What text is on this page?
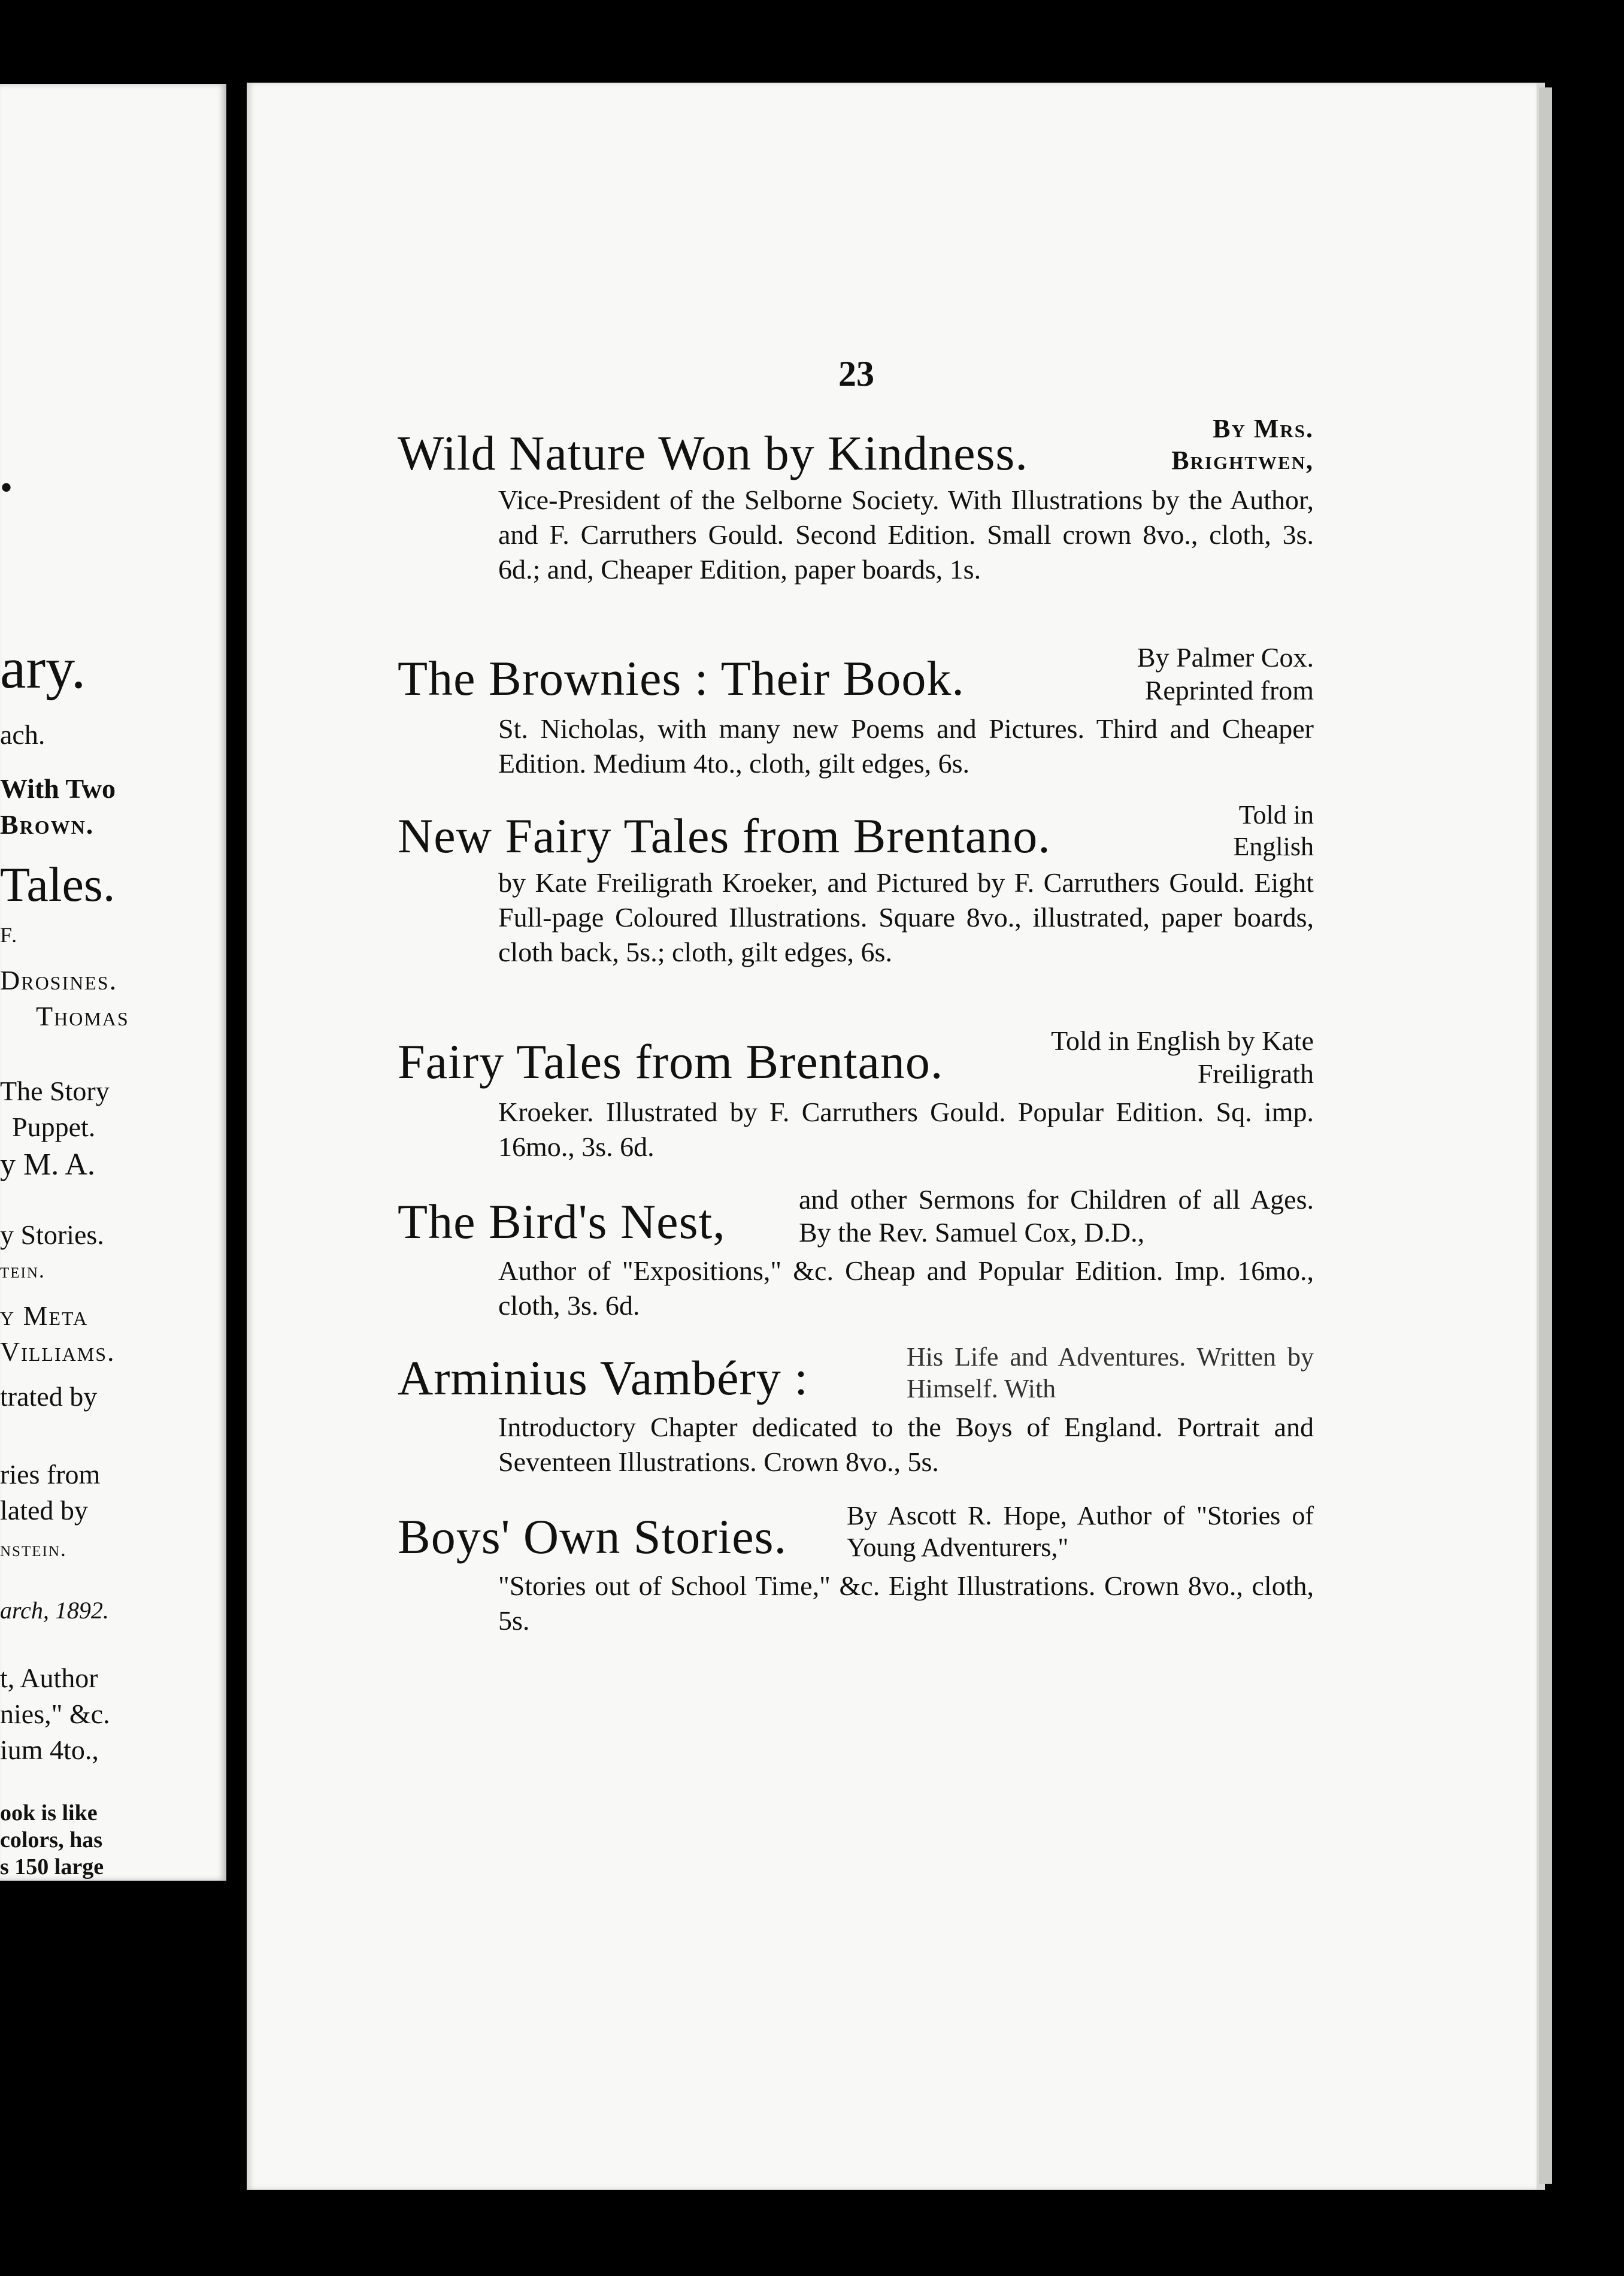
•
ary.
ach.
With Two
Brown.
Tales.
F.
Drosines.
Thomas
The Story
Puppet.
y M. A.
y Stories.
tein.
y Meta
Villiams.
trated by
ries from
lated by
nstein.
arch, 1892.
t, Author
nies," &c.
ium 4to.,
ook is like
colors, has
s 150 large
23
Wild Nature Won by Kindness.	By Mrs. Brightwen,
Vice-President of the Selborne Society. With Illustrations by the Author, and F. Carruthers Gould. Second Edition. Small crown 8vo., cloth, 3s. 6d.; and, Cheaper Edition, paper boards, 1s.
The Brownies : Their Book.	By Palmer Cox. Reprinted from
St. Nicholas, with many new Poems and Pictures. Third and Cheaper Edition. Medium 4to., cloth, gilt edges, 6s.
New Fairy Tales from Brentano.	Told in English
by Kate Freiligrath Kroeker, and Pictured by F. Carruthers Gould. Eight Full-page Coloured Illustrations. Square 8vo., illustrated, paper boards, cloth back, 5s.; cloth, gilt edges, 6s.
Fairy Tales from Brentano.	Told in English by Kate Freiligrath
Kroeker. Illustrated by F. Carruthers Gould. Popular Edition. Sq. imp. 16mo., 3s. 6d.
The Bird's Nest,	and other Sermons for Children of all Ages. By the Rev. Samuel Cox, D.D.,
Author of "Expositions," &c. Cheap and Popular Edition. Imp. 16mo., cloth, 3s. 6d.
Arminius Vambéry :	His Life and Adventures. Written by Himself. With
Introductory Chapter dedicated to the Boys of England. Portrait and Seventeen Illustrations. Crown 8vo., 5s.
Boys' Own Stories. By Ascott R. Hope, Author of "Stories of Young Adventurers,"
"Stories out of School Time," &c. Eight Illustrations. Crown 8vo., cloth, 5s.
